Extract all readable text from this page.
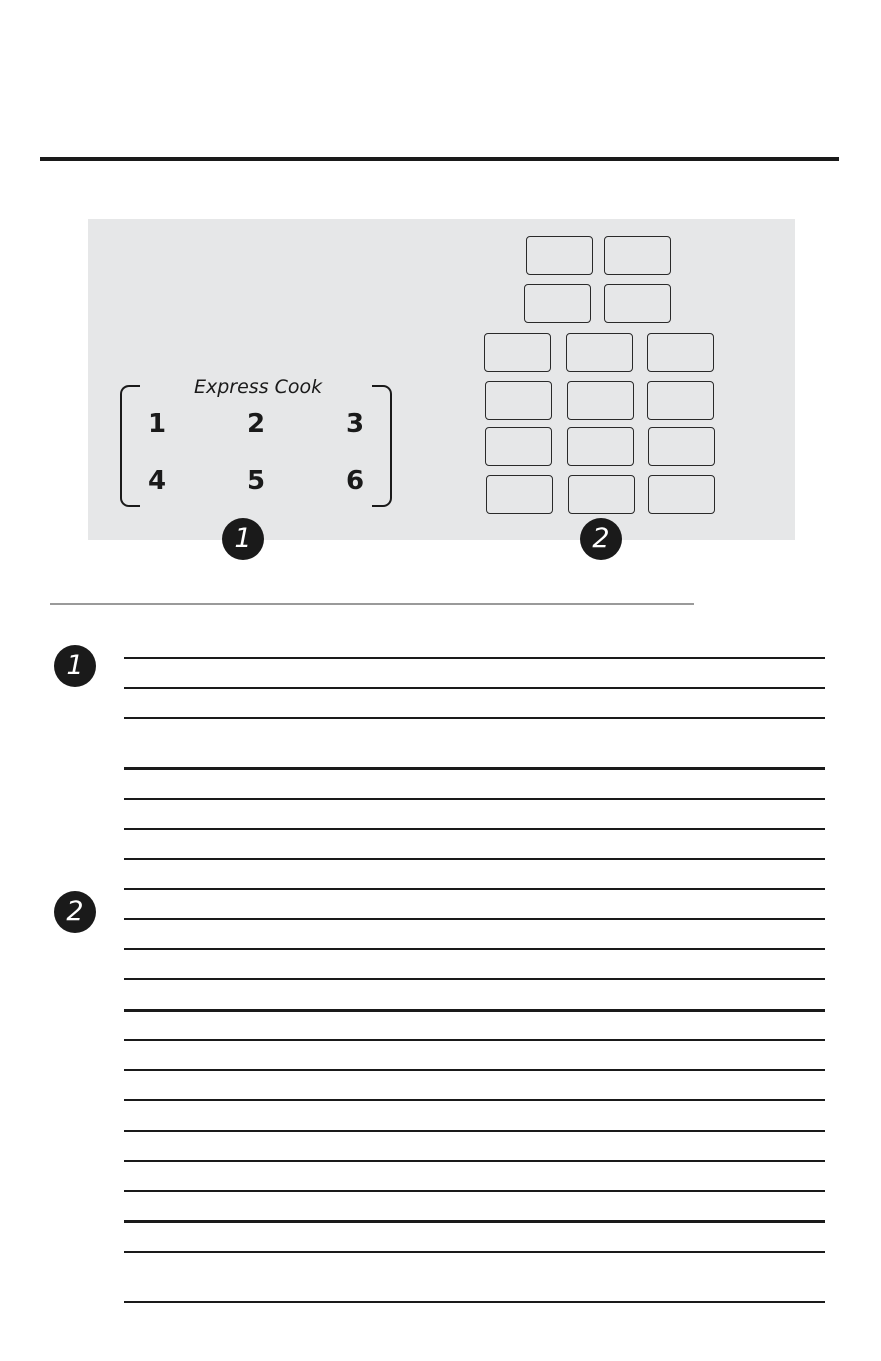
Express Cook
1	2	3
4	5	6
1	2
1
2
